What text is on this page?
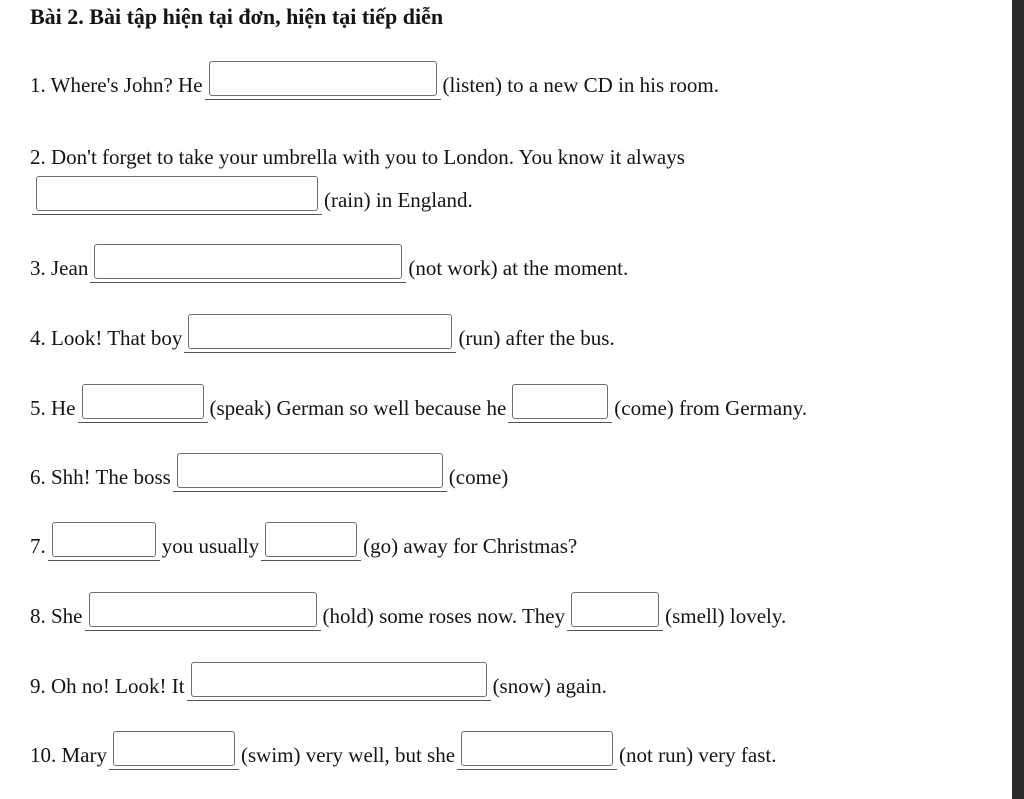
Bài 2. Bài tập hiện tại đơn, hiện tại tiếp diễn
1. Where's John? He	(listen) to a new CD in his room.
2. Don't forget to take your umbrella with you to London. You know it always
(rain) in England.
3. Jean	(not work) at the moment.
4. Look! That boy	(run) after the bus.
5. He	(speak) German so well because he	(come) from Germany.
6. Shh! The boss	(come)
7.	you usually	(go) away for Christmas?
8. She	(hold) some roses now. They	(smell) lovely.
9. Oh no! Look! It	(snow) again.
10. Mary	(swim) very well, but she	(not run) very fast.
